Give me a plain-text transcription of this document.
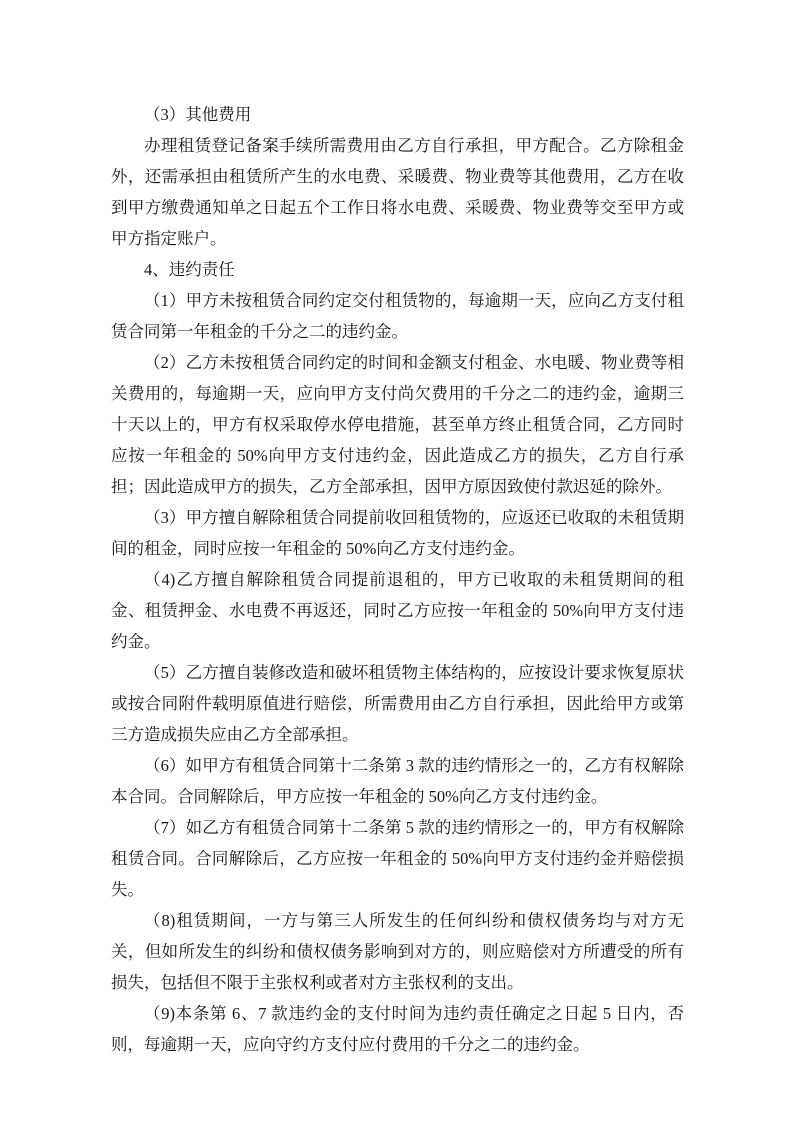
（3）其他费用

办理租赁登记备案手续所需费用由乙方自行承担，甲方配合。乙方除租金外，还需承担由租赁所产生的水电费、采暖费、物业费等其他费用，乙方在收到甲方缴费通知单之日起五个工作日将水电费、采暖费、物业费等交至甲方或甲方指定账户。

4、违约责任

（1）甲方未按租赁合同约定交付租赁物的，每逾期一天，应向乙方支付租赁合同第一年租金的千分之二的违约金。

（2）乙方未按租赁合同约定的时间和金额支付租金、水电暖、物业费等相关费用的，每逾期一天，应向甲方支付尚欠费用的千分之二的违约金，逾期三十天以上的，甲方有权采取停水停电措施，甚至单方终止租赁合同，乙方同时应按一年租金的 50%向甲方支付违约金，因此造成乙方的损失，乙方自行承担；因此造成甲方的损失，乙方全部承担，因甲方原因致使付款迟延的除外。

（3）甲方擅自解除租赁合同提前收回租赁物的，应返还已收取的未租赁期间的租金，同时应按一年租金的 50%向乙方支付违约金。

（4)乙方擅自解除租赁合同提前退租的，甲方已收取的未租赁期间的租金、租赁押金、水电费不再返还，同时乙方应按一年租金的 50%向甲方支付违约金。

（5）乙方擅自装修改造和破坏租赁物主体结构的，应按设计要求恢复原状或按合同附件载明原值进行赔偿，所需费用由乙方自行承担，因此给甲方或第三方造成损失应由乙方全部承担。

（6）如甲方有租赁合同第十二条第 3 款的违约情形之一的，乙方有权解除本合同。合同解除后，甲方应按一年租金的 50%向乙方支付违约金。

（7）如乙方有租赁合同第十二条第 5 款的违约情形之一的，甲方有权解除租赁合同。合同解除后，乙方应按一年租金的 50%向甲方支付违约金并赔偿损失。

（8)租赁期间，一方与第三人所发生的任何纠纷和债权债务均与对方无关，但如所发生的纠纷和债权债务影响到对方的，则应赔偿对方所遭受的所有损失，包括但不限于主张权利或者对方主张权利的支出。

（9)本条第 6、7 款违约金的支付时间为违约责任确定之日起 5 日内，否则，每逾期一天，应向守约方支付应付费用的千分之二的违约金。
